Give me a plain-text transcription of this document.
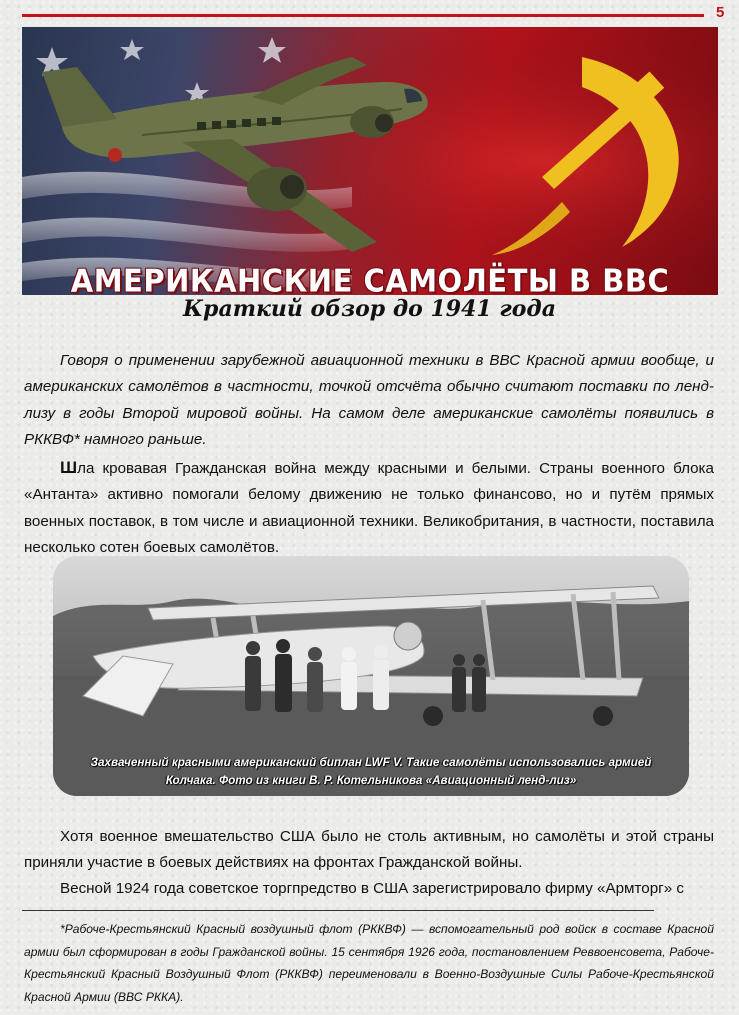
5
АМЕРИКАНСКИЕ САМОЛЁТЫ В ВВС
Краткий обзор до 1941 года

Говоря о применении зарубежной авиационной техники в ВВС Красной армии вообще, и американских самолётов в частности, точкой отсчёта обычно считают поставки по ленд-лизу в годы Второй мировой войны. На самом деле американские самолёты появились в РККВФ* намного раньше.

Шла кровавая Гражданская война между красными и белыми. Страны военного блока «Антанта» активно помогали белому движению не только финансово, но и путём прямых военных поставок, в том числе и авиационной техники. Великобритания, в частности, поставила несколько сотен боевых самолётов.

Захваченный красными американский биплан LWF V. Такие самолёты использовались армией
Колчака. Фото из книги В. Р. Котельникова «Авиационный ленд-лиз»

Хотя военное вмешательство США было не столь активным, но самолёты и этой страны приняли участие в боевых действиях на фронтах Гражданской войны.

Весной 1924 года советское торгпредство в США зарегистрировало фирму «Армторг» с

*Рабоче-Крестьянский Красный воздушный флот (РККВФ) — вспомогательный род войск в составе Красной армии был сформирован в годы Гражданской войны. 15 сентября 1926 года, постановлением Реввоенсовета, Рабоче-Крестьянский Красный Воздушный Флот (РККВФ) переименовали в Военно-Воздушные Силы Рабоче-Крестьянской Красной Армии (ВВС РККА).
